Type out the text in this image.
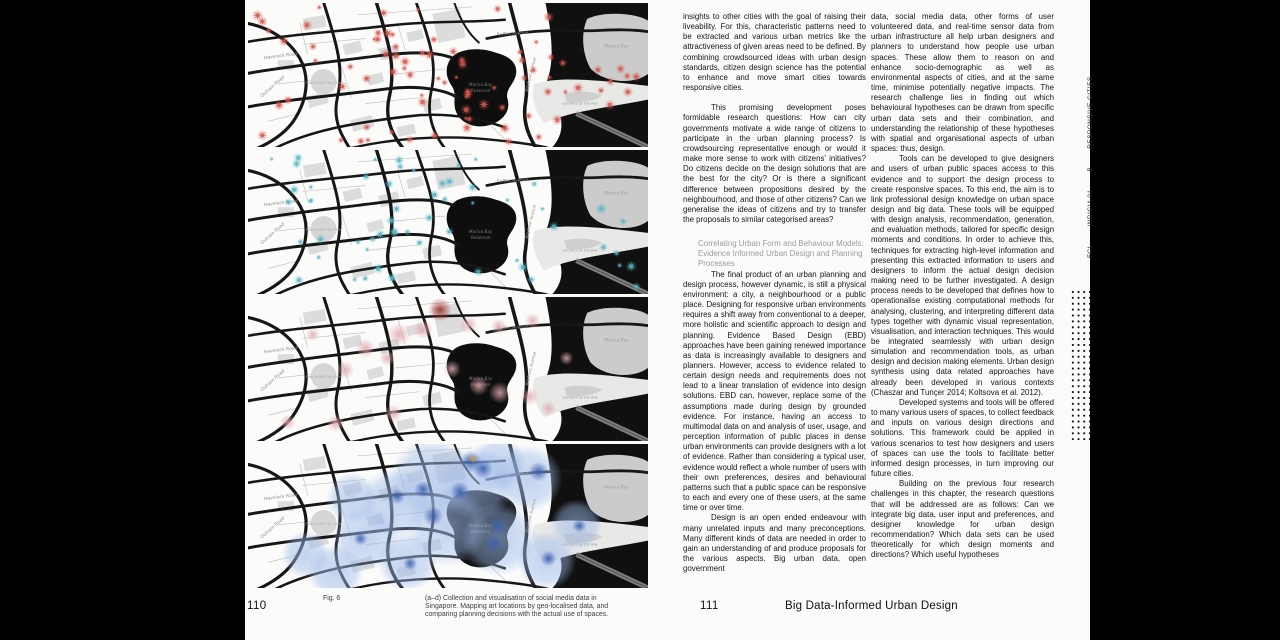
Fig. 6	(a–d) Collection and visualisation of social media data in Singapore. Mapping art locations by geo-localised data, and comparing planning decisions with the actual use of spaces.
110

insights to other cities with the goal of raising their liveability. For this, characteristic patterns need to be extracted and various urban metrics like the attractiveness of given areas need to be defined. By combining crowdsourced ideas with urban design standards, citizen design science has the potential to enhance and move smart cities towards responsive cities.

This promising development poses formidable research questions: How can city governments motivate a wide range of citizens to participate in the urban planning process? Is crowdsourcing representative enough or would it make more sense to work with citizens' initiatives? Do citizens decide on the design solutions that are the best for the city? Or is there a significant difference between propositions desired by the neighbourhood, and those of other citizens? Can we generalise the ideas of citizens and try to transfer the proposals to similar categorised areas?

Correlating Urban Form and Behaviour Models: Evidence Informed Urban Design and Planning Processes

The final product of an urban planning and design process, however dynamic, is still a physical environment: a city, a neighbourhood or a public place. Designing for responsive urban environments requires a shift away from conventional to a deeper, more holistic and scientific approach to design and planning. Evidence Based Design (EBD) approaches have been gaining renewed importance as data is increasingly available to designers and planners. However, access to evidence related to certain design needs and requirements does not lead to a linear translation of evidence into design solutions. EBD can, however, replace some of the assumptions made during design by grounded evidence. For instance, having an access to multimodal data on and analysis of user, usage, and perception information of public places in dense urban environments can provide designers with a lot of evidence. Rather than considering a typical user, evidence would reflect a whole number of users with their own preferences, desires and behavioural patterns such that a public space can be responsive to each and every one of these users, at the same time or over time.

Design is an open ended endeavour with many unrelated inputs and many preconceptions. Many different kinds of data are needed in order to gain an understanding of and produce proposals for the various aspects. Big urban data, open government

data, social media data, other forms of user volunteered data, and real-time sensor data from urban infrastructure all help urban designers and planners to understand how people use urban spaces. These allow them to reason on and enhance socio-demographic as well as environmental aspects of cities, and at the same time, minimise potentially negative impacts. The research challenge lies in finding out which behavioural hypotheses can be drawn from specific urban data sets and their combination, and understanding the relationship of these hypotheses with spatial and organisational aspects of urban spaces: thus, design.

Tools can be developed to give designers and users of urban public spaces access to this evidence and to support the design process to create responsive spaces. To this end, the aim is to link professional design knowledge on urban space design and big data. These tools will be equipped with design analysis, recommendation, generation, and evaluation methods, tailored for specific design moments and conditions. In order to achieve this, techniques for extracting high-level information and presenting this extracted information to users and designers to inform the actual design decision making need to be further investigated. A design process needs to be developed that defines how to operationalise existing computational methods for analysing, clustering, and interpreting different data types together with dynamic visual representation, visualisation, and interaction techniques. This would be integrated seamlessly with urban design simulation and recommendation tools, as urban design and decision making elements. Urban design synthesis using data related approaches have already been developed in various contexts (Chaszar and Tunçer 2014; Koltsova et al. 2012).

Developed systems and tools will be offered to many various users of spaces, to collect feedback and inputs on various design directions and solutions. This framework could be applied in various scenarios to test how designers and users of spaces can use the tools to facilitate better informed design processes, in turn improving our future cities.

Building on the previous four research challenges in this chapter, the research questions that will be addressed are as follows: Can we integrate big data, user input and preferences, and designer knowledge for urban design recommendation? Which data sets can be used theoretically for which design moments and directions? Which useful hypotheses

111	Big Data-Informed Urban Design
FCL
INDICIA 01
B
RESPONSIVE CITIES
